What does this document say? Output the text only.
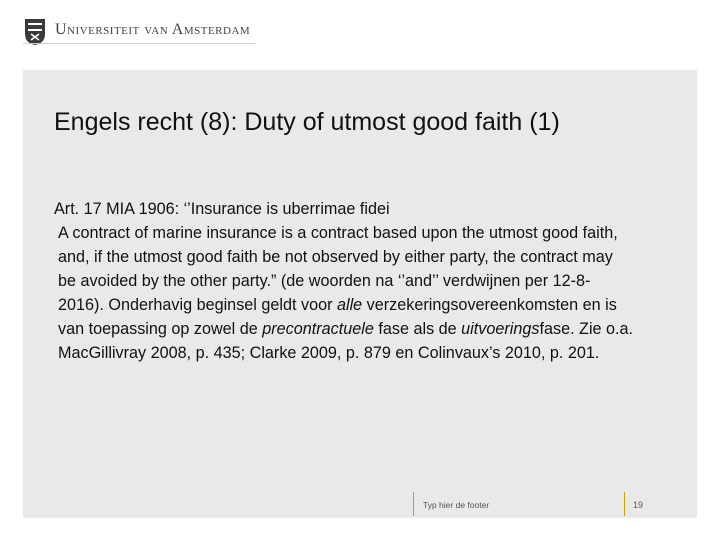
Universiteit van Amsterdam
Engels recht (8): Duty of utmost good faith (1)

Art. 17 MIA 1906: ‘’Insurance is uberrimae fidei

A contract of marine insurance is a contract based upon the utmost good faith, and, if the utmost good faith be not observed by either party, the contract may be avoided by the other party.” (de woorden na ‘’and’’ verdwijnen per 12-8-2016). Onderhavig beginsel geldt voor alle verzekeringsovereenkomsten en is van toepassing op zowel de precontractuele fase als de uitvoeringsfase. Zie o.a. MacGillivray 2008, p. 435; Clarke 2009, p. 879 en Colinvaux’s 2010, p. 201.

Typ hier de footer	19
